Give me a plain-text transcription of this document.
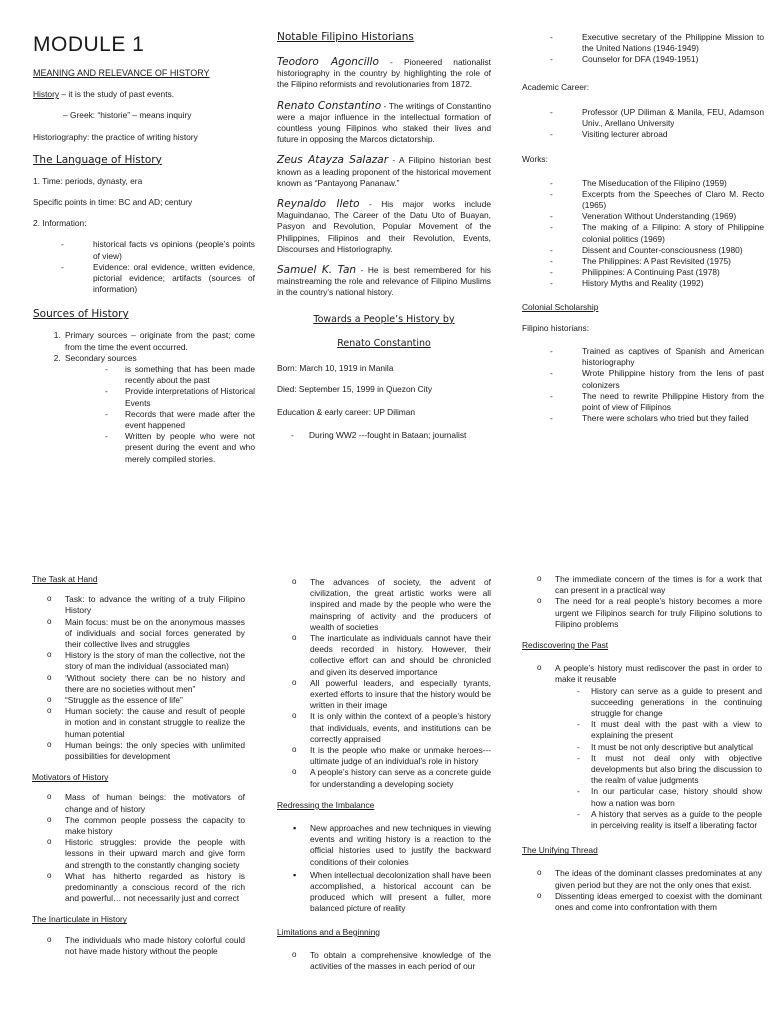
MODULE 1

MEANING AND RELEVANCE OF HISTORY

History – it is the study of past events.

– Greek: “historie” – means inquiry

Historiography: the practice of writing history

The Language of History

1. Time: periods, dynasty, era

Specific points in time: BC and AD; century

2. Information:

- historical facts vs opinions (people’s points of view)
- Evidence: oral evidence, written evidence, pictorial evidence; artifacts (sources of information)
Sources of History
1. Primary sources – originate from the past; come from the time the event occurred.
2. Secondary sources
- is something that has been made recently about the past
- Provide interpretations of Historical Events
- Records that were made after the event happened
- Written by people who were not present during the event and who merely compiled stories.
Notable Filipino Historians

Teodoro Agoncillo - Pioneered nationalist historiography in the country by highlighting the role of the Filipino reformists and revolutionaries from 1872.

Renato Constantino - The writings of Constantino were a major influence in the intellectual formation of countless young Filipinos who staked their lives and future in opposing the Marcos dictatorship.

Zeus Atayza Salazar - A Filipino historian best known as a leading proponent of the historical movement known as “Pantayong Pananaw.”

Reynaldo Ileto - His major works include Maguindanao, The Career of the Datu Uto of Buayan, Pasyon and Revolution, Popular Movement of the Philippines, Filipinos and their Revolution, Events, Discourses and Historiography.

Samuel K. Tan - He is best remembered for his mainstreaming the role and relevance of Filipino Muslims in the country’s national history.

Towards a People’s History by
Renato Constantino

Born: March 10, 1919 in Manila

Died: September 15, 1999 in Quezon City

Education & early career: UP Diliman

- During WW2 ---fought in Bataan; journalist
- Executive secretary of the Philippine Mission to the United Nations (1946-1949)
- Counselor for DFA (1949-1951)

Academic Career:

- Professor (UP Diliman & Manila, FEU, Adamson Univ., Arellano University
- Visiting lecturer abroad

Works:

- The Miseducation of the Filipino (1959)
- Excerpts from the Speeches of Claro M. Recto (1965)
- Veneration Without Understanding (1969)
- The making of a Filipino: A story of Philippine colonial politics (1969)
- Dissent and Counter-consciousness (1980)
- The Philippines: A Past Revisited (1975)
- Philippines: A Continuing Past (1978)
- History Myths and Reality (1992)

Colonial Scholarship

Filipino historians:

- Trained as captives of Spanish and American historiography
- Wrote Philippine history from the lens of past colonizers
- The need to rewrite Philippine History from the point of view of Filipinos
- There were scholars who tried but they failed

The Task at Hand

o Task: to advance the writing of a truly Filipino History
o Main focus: must be on the anonymous masses of individuals and social forces generated by their collective lives and struggles
o History is the story of man the collective, not the story of man the individual (associated man)
o ‘Without society there can be no history and there are no societies without men”
o “Struggle as the essence of life”
o Human society: the cause and result of people in motion and in constant struggle to realize the human potential
o Human beings: the only species with unlimited possibilities for development

Motivators of History

o Mass of human beings: the motivators of change and of history
o The common people possess the capacity to make history
o Historic struggles: provide the people with lessons in their upward march and give form and strength to the constantly changing society
o What has hitherto regarded as history is predominantly a conscious record of the rich and powerful… not necessarily just and correct

The Inarticulate in History

o The individuals who made history colorful could not have made history without the people
o The advances of society, the advent of civilization, the great artistic works were all inspired and made by the people who were the mainspring of activity and the producers of wealth of societies
o The inarticulate as individuals cannot have their deeds recorded in history. However, their collective effort can and should be chronicled and given its deserved importance
o All powerful leaders, and especially tyrants, exerted efforts to insure that the history would be written in their image
o It is only within the context of a people’s history that individuals, events, and institutions can be correctly appraised
o It is the people who make or unmake heroes--- ultimate judge of an individual’s role in history
o A people’s history can serve as a concrete guide for understanding a developing society

Redressing the Imbalance

▪ New approaches and new techniques in viewing events and writing history is a reaction to the official histories used to justify the backward conditions of their colonies
▪ When intellectual decolonization shall have been accomplished, a historical account can be produced which will present a fuller, more balanced picture of reality

Limitations and a Beginning

o To obtain a comprehensive knowledge of the activities of the masses in each period of our
o The immediate concern of the times is for a work that can present in a practical way
o The need for a real people’s history becomes a more urgent we Filipinos search for truly Filipino solutions to Filipino problems

Rediscovering the Past

o A people’s history must rediscover the past in order to make it reusable
- History can serve as a guide to present and succeeding generations in the continuing struggle for change
- It must deal with the past with a view to explaining the present
- It must be not only descriptive but analytical
- It must not deal only with objective developments but also bring the discussion to the realm of value judgments
- In our particular case, history should show how a nation was born
- A history that serves as a guide to the people in perceiving reality is itself a liberating factor

The Unifying Thread

o The ideas of the dominant classes predominates at any given period but they are not the only ones that exist.
o Dissenting ideas emerged to coexist with the dominant ones and come into confrontation with them
